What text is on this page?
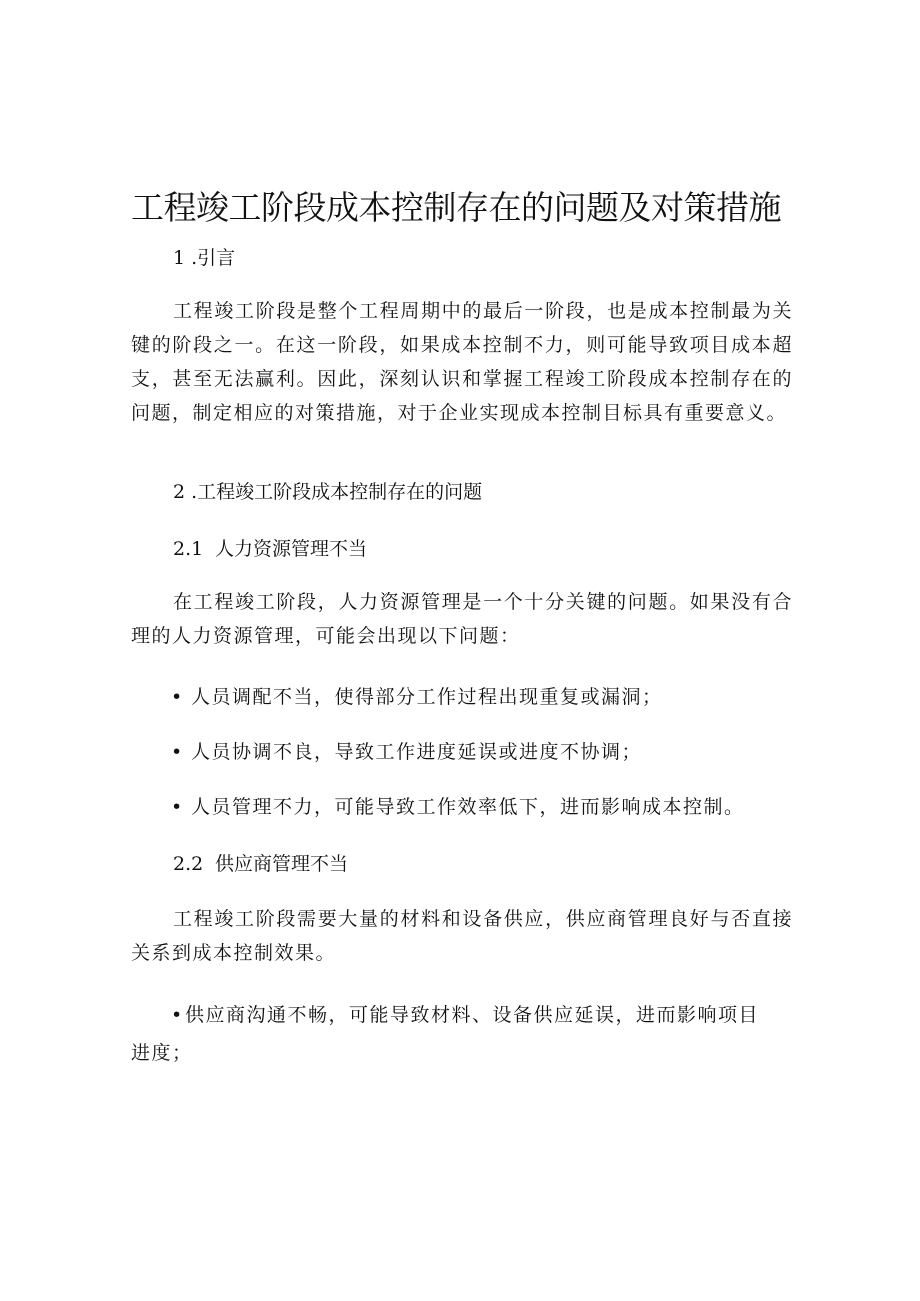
工程竣工阶段成本控制存在的问题及对策措施
1 .引言
工程竣工阶段是整个工程周期中的最后一阶段，也是成本控制最为关键的阶段之一。在这一阶段，如果成本控制不力，则可能导致项目成本超支，甚至无法赢利。因此，深刻认识和掌握工程竣工阶段成本控制存在的问题，制定相应的对策措施，对于企业实现成本控制目标具有重要意义。
2 .工程竣工阶段成本控制存在的问题
2.1 人力资源管理不当
在工程竣工阶段，人力资源管理是一个十分关键的问题。如果没有合理的人力资源管理，可能会出现以下问题：
• 人员调配不当，使得部分工作过程出现重复或漏洞；
• 人员协调不良，导致工作进度延误或进度不协调；
• 人员管理不力，可能导致工作效率低下，进而影响成本控制。
2.2 供应商管理不当
工程竣工阶段需要大量的材料和设备供应，供应商管理良好与否直接关系到成本控制效果。
•供应商沟通不畅，可能导致材料、设备供应延误，进而影响项目进度；
